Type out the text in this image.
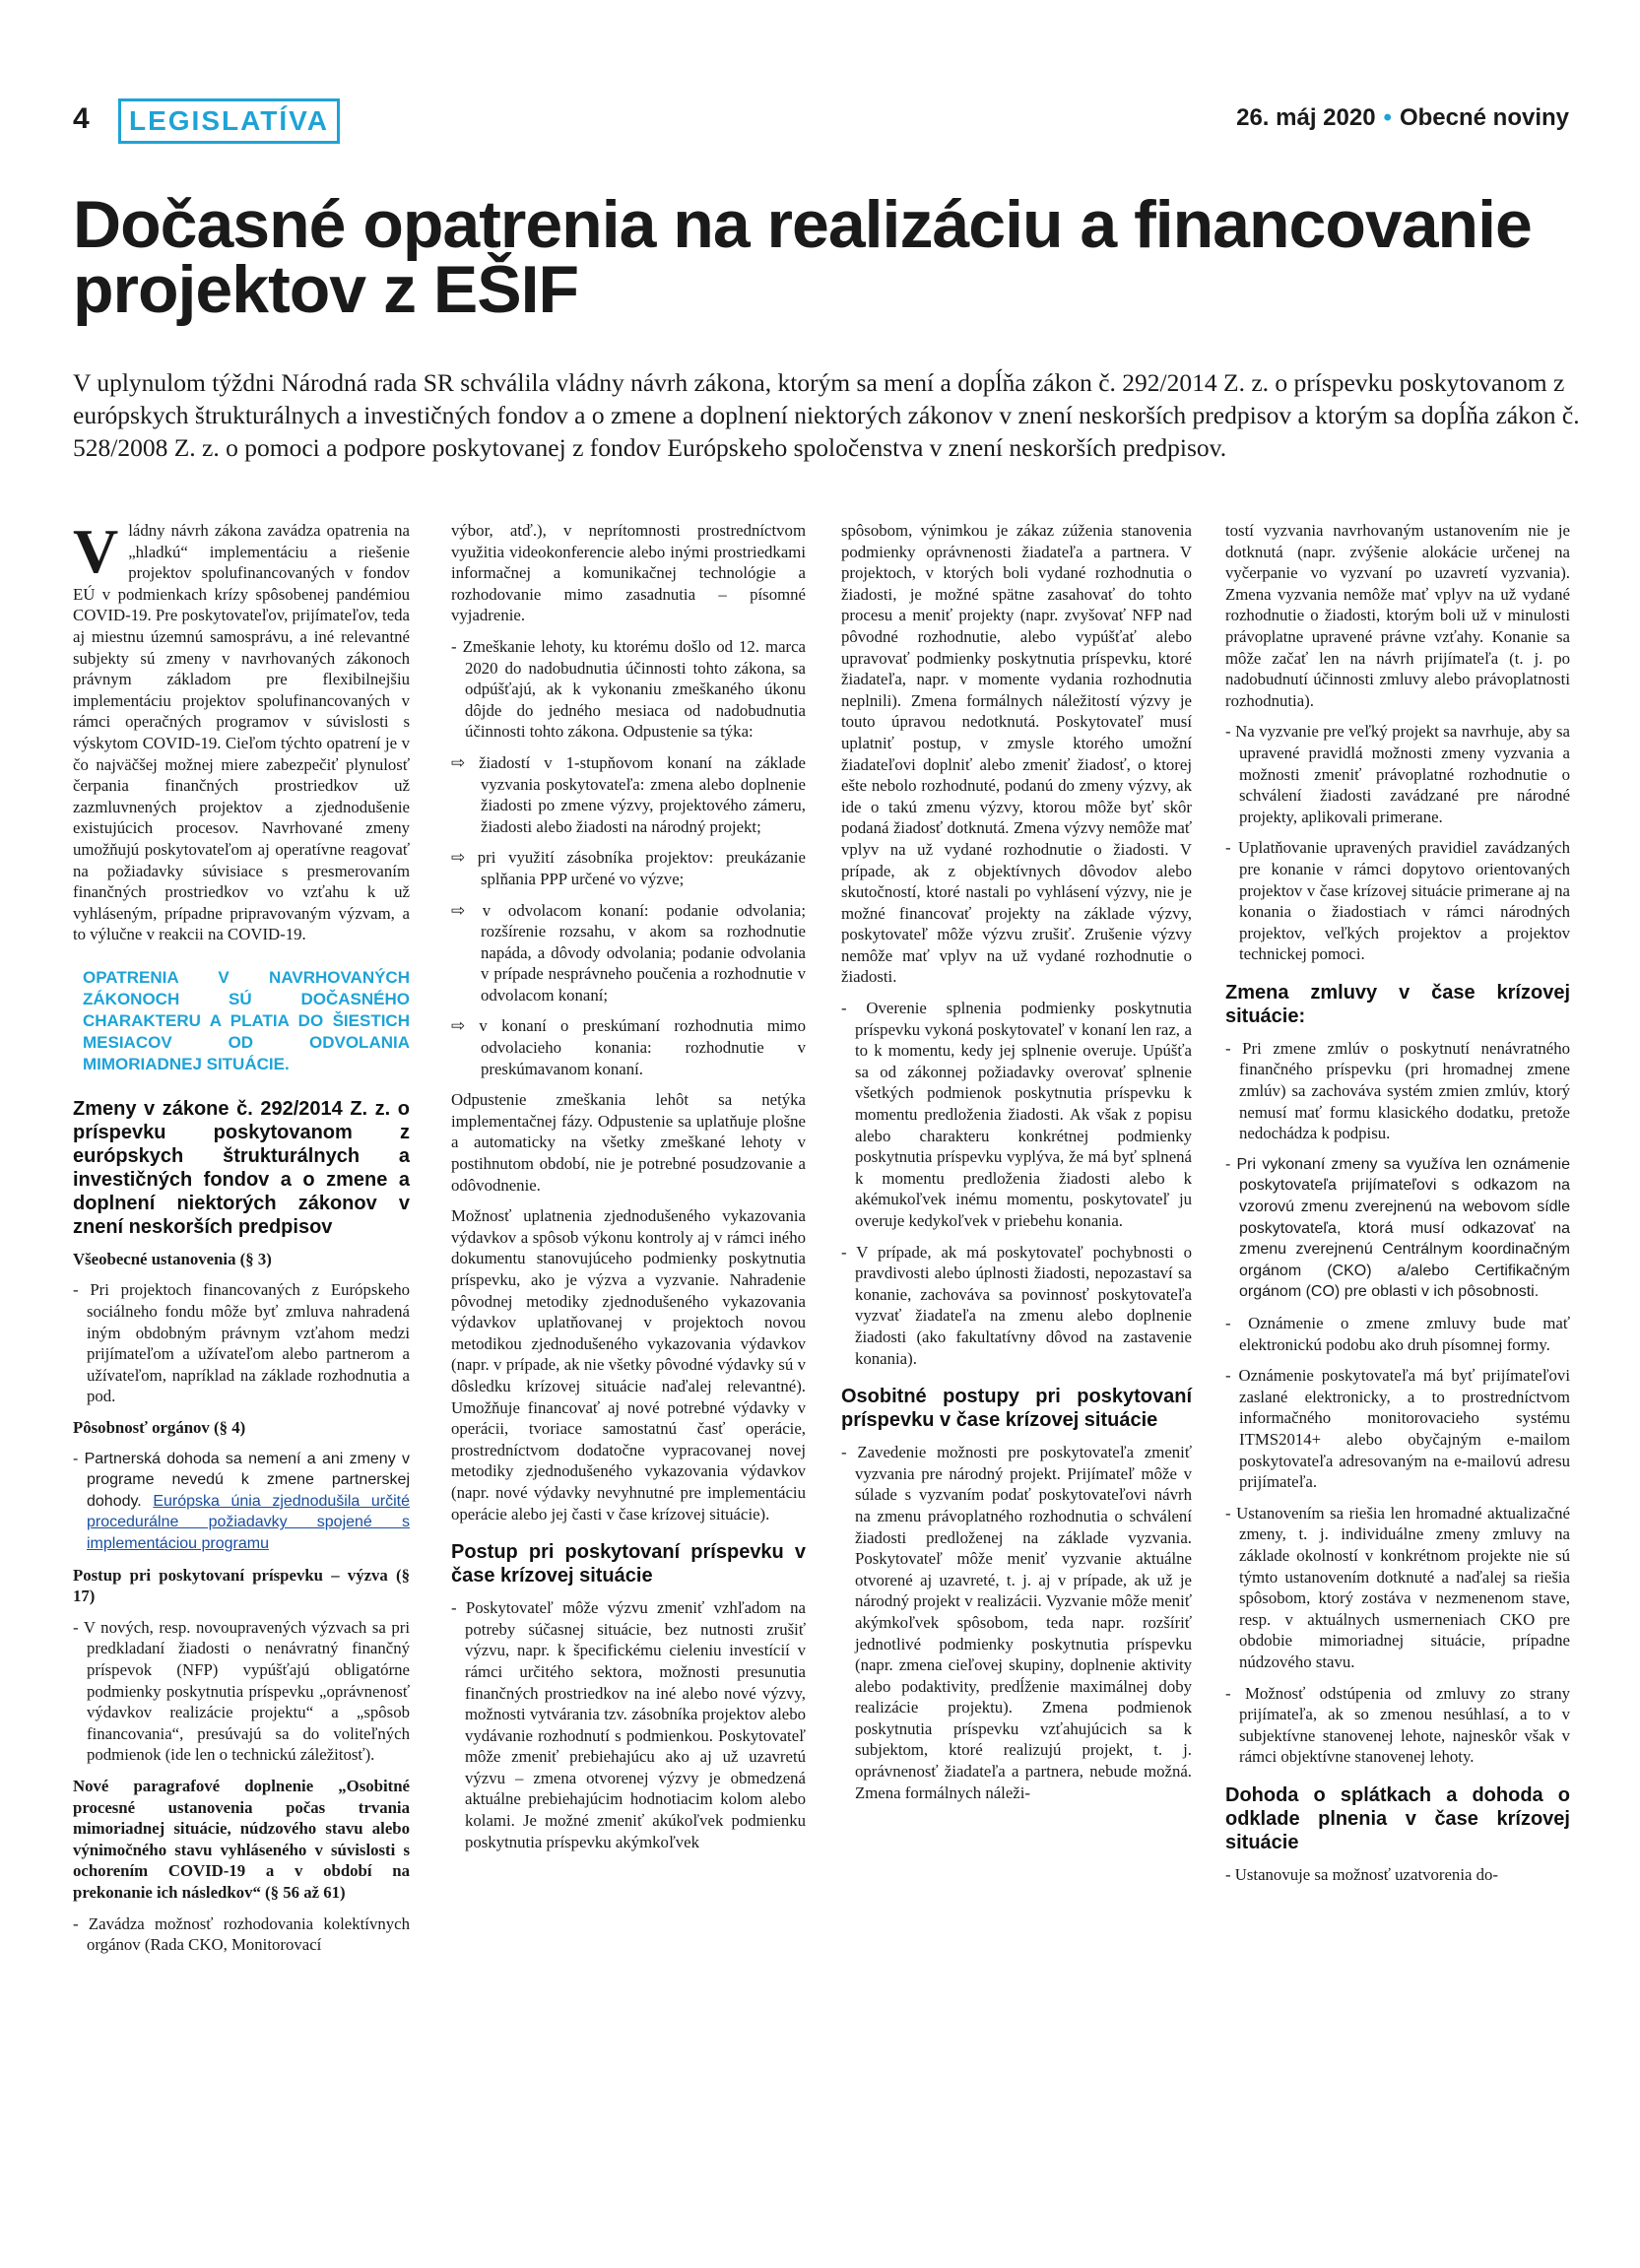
4	LEGISLATÍVA	26. máj 2020 • Obecné noviny
Dočasné opatrenia na realizáciu a financovanie projektov z EŠIF
V uplynulom týždni Národná rada SR schválila vládny návrh zákona, ktorým sa mení a dopĺňa zákon č. 292/2014 Z. z. o príspevku poskytovanom z európskych štrukturálnych a investičných fondov a o zmene a doplnení niektorých zákonov v znení neskorších predpisov a ktorým sa dopĺňa zákon č. 528/2008 Z. z. o pomoci a podpore poskytovanej z fondov Európskeho spoločenstva v znení neskorších predpisov.

Vládny návrh zákona zavádza opatrenia na „hladkú“ implementáciu a riešenie projektov spolufinancovaných v fondov EÚ v podmienkach krízy spôsobenej pandémiou COVID-19. Pre poskytovateľov, prijímateľov, teda aj miestnu územnú samosprávu, a iné relevantné subjekty sú zmeny v navrhovaných zákonoch právnym základom pre flexibilnejšiu implementáciu projektov spolufinancovaných v rámci operačných programov v súvislosti s výskytom COVID-19. Cieľom týchto opatrení je v čo najväčšej možnej miere zabezpečiť plynulosť čerpania finančných prostriedkov už zazmluvnených projektov a zjednodušenie existujúcich procesov. Navrhované zmeny umožňujú poskytovateľom aj operatívne reagovať na požiadavky súvisiace s presmerovaním finančných prostriedkov vo vzťahu k už vyhláseným, prípadne pripravovaným výzvam, a to výlučne v reakcii na COVID-19.

OPATRENIA V NAVRHOVANÝCH ZÁKONOCH SÚ DOČASNÉHO CHARAKTERU A PLATIA DO ŠIESTICH MESIACOV OD ODVOLANIA MIMORIADNEJ SITUÁCIE.
Zmeny v zákone č. 292/2014 Z. z. o príspevku poskytovanom z európskych štrukturálnych a investičných fondov a o zmene a doplnení niektorých zákonov v znení neskorších predpisov

Všeobecné ustanovenia (§ 3)

- Pri projektoch financovaných z Európskeho sociálneho fondu môže byť zmluva nahradená iným obdobným právnym vzťahom medzi prijímateľom a užívateľom alebo partnerom a užívateľom, napríklad na základe rozhodnutia a pod.

Pôsobnosť orgánov (§ 4)

- Partnerská dohoda sa nemení a ani zmeny v programe nevedú k zmene partnerskej dohody. Európska únia zjednodušila určité procedurálne požiadavky spojené s implementáciou programu

Postup pri poskytovaní príspevku – výzva (§ 17)

- V nových, resp. novoupravených výzvach sa pri predkladaní žiadosti o nenávratný finančný príspevok (NFP) vypúšťajú obligatórne podmienky poskytnutia príspevku „oprávnenosť výdavkov realizácie projektu“ a „spôsob financovania“, presúvajú sa do voliteľných podmienok (ide len o technickú záležitosť).

Nové paragrafové doplnenie „Osobitné procesné ustanovenia počas trvania mimoriadnej situácie, núdzového stavu alebo výnimočného stavu vyhláseného v súvislosti s ochorením COVID-19 a v období na prekonanie ich následkov“ (§ 56 až 61)

- Zavádza možnosť rozhodovania kolektívnych orgánov (Rada CKO, Monitorovací

výbor, atď.), v neprítomnosti prostredníctvom využitia videokonferencie alebo inými prostriedkami informačnej a komunikačnej technológie a rozhodovanie mimo zasadnutia – písomné vyjadrenie.

- Zmeškanie lehoty, ku ktorému došlo od 12. marca 2020 do nadobudnutia účinnosti tohto zákona, sa odpúšťajú, ak k vykonaniu zmeškaného úkonu dôjde do jedného mesiaca od nadobudnutia účinnosti tohto zákona. Odpustenie sa týka:

⇨ žiadostí v 1-stupňovom konaní na základe vyzvania poskytovateľa: zmena alebo doplnenie žiadosti po zmene výzvy, projektového zámeru, žiadosti alebo žiadosti na národný projekt;

⇨ pri využití zásobníka projektov: preukázanie splňania PPP určené vo výzve;

⇨ v odvolacom konaní: podanie odvolania; rozšírenie rozsahu, v akom sa rozhodnutie napáda, a dôvody odvolania; podanie odvolania v prípade nesprávneho poučenia a rozhodnutie v odvolacom konaní;

⇨ v konaní o preskúmaní rozhodnutia mimo odvolacieho konania: rozhodnutie v preskúmavanom konaní.

Odpustenie zmeškania lehôt sa netýka implementačnej fázy. Odpustenie sa uplatňuje plošne a automaticky na všetky zmeškané lehoty v postihnutom období, nie je potrebné posudzovanie a odôvodnenie.

Možnosť uplatnenia zjednodušeného vykazovania výdavkov a spôsob výkonu kontroly aj v rámci iného dokumentu stanovujúceho podmienky poskytnutia príspevku, ako je výzva a vyzvanie. Nahradenie pôvodnej metodiky zjednodušeného vykazovania výdavkov uplatňovanej v projektoch novou metodikou zjednodušeného vykazovania výdavkov (napr. v prípade, ak nie všetky pôvodné výdavky sú v dôsledku krízovej situácie naďalej relevantné). Umožňuje financovať aj nové potrebné výdavky v operácii, tvoriace samostatnú časť operácie, prostredníctvom dodatočne vypracovanej novej metodiky zjednodušeného vykazovania výdavkov (napr. nové výdavky nevyhnutné pre implementáciu operácie alebo jej časti v čase krízovej situácie).

Postup pri poskytovaní príspevku v čase krízovej situácie

- Poskytovateľ môže výzvu zmeniť vzhľadom na potreby súčasnej situácie, bez nutnosti zrušiť výzvu, napr. k špecifickému cieleniu investícií v rámci určitého sektora, možnosti presunutia finančných prostriedkov na iné alebo nové výzvy, možnosti vytvárania tzv. zásobníka projektov alebo vydávanie rozhodnutí s podmienkou. Poskytovateľ môže zmeniť prebiehajúcu ako aj už uzavretú výzvu – zmena otvorenej výzvy je obmedzená aktuálne prebiehajúcim hodnotiacim kolom alebo kolami. Je možné zmeniť akúkoľvek podmienku poskytnutia príspevku akýmkoľvek

spôsobom, výnimkou je zákaz zúženia stanovenia podmienky oprávnenosti žiadateľa a partnera. V projektoch, v ktorých boli vydané rozhodnutia o žiadosti, je možné spätne zasahovať do tohto procesu a meniť projekty (napr. zvyšovať NFP nad pôvodné rozhodnutie, alebo vypúšťať alebo upravovať podmienky poskytnutia príspevku, ktoré žiadateľa, napr. v momente vydania rozhodnutia neplnili). Zmena formálnych náležitostí výzvy je touto úpravou nedotknutá. Poskytovateľ musí uplatniť postup, v zmysle ktorého umožní žiadateľovi doplniť alebo zmeniť žiadosť, o ktorej ešte nebolo rozhodnuté, podanú do zmeny výzvy, ak ide o takú zmenu výzvy, ktorou môže byť skôr podaná žiadosť dotknutá. Zmena výzvy nemôže mať vplyv na už vydané rozhodnutie o žiadosti. V prípade, ak z objektívnych dôvodov alebo skutočností, ktoré nastali po vyhlásení výzvy, nie je možné financovať projekty na základe výzvy, poskytovateľ môže výzvu zrušiť. Zrušenie výzvy nemôže mať vplyv na už vydané rozhodnutie o žiadosti.

- Overenie splnenia podmienky poskytnutia príspevku vykoná poskytovateľ v konaní len raz, a to k momentu, kedy jej splnenie overuje. Upúšťa sa od zákonnej požiadavky overovať splnenie všetkých podmienok poskytnutia príspevku k momentu predloženia žiadosti. Ak však z popisu alebo charakteru konkrétnej podmienky poskytnutia príspevku vyplýva, že má byť splnená k momentu predloženia žiadosti alebo k akémukoľvek inému momentu, poskytovateľ ju overuje kedykoľvek v priebehu konania.

- V prípade, ak má poskytovateľ pochybnosti o pravdivosti alebo úplnosti žiadosti, nepozastaví sa konanie, zachováva sa povinnosť poskytovateľa vyzvať žiadateľa na zmenu alebo doplnenie žiadosti (ako fakultatívny dôvod na zastavenie konania).

Osobitné postupy pri poskytovaní príspevku v čase krízovej situácie

- Zavedenie možnosti pre poskytovateľa zmeniť vyzvania pre národný projekt. Prijímateľ môže v súlade s vyzvaním podať poskytovateľovi návrh na zmenu právoplatného rozhodnutia o schválení žiadosti predloženej na základe vyzvania. Poskytovateľ môže meniť vyzvanie aktuálne otvorené aj uzavreté, t. j. aj v prípade, ak už je národný projekt v realizácii. Vyzvanie môže meniť akýmkoľvek spôsobom, teda napr. rozšíriť jednotlivé podmienky poskytnutia príspevku (napr. zmena cieľovej skupiny, doplnenie aktivity alebo podaktivity, predĺženie maximálnej doby realizácie projektu). Zmena podmienok poskytnutia príspevku vzťahujúcich sa k subjektom, ktoré realizujú projekt, t. j. oprávnenosť žiadateľa a partnera, nebude možná. Zmena formálnych náleži-

tostí vyzvania navrhovaným ustanovením nie je dotknutá (napr. zvýšenie alokácie určenej na vyčerpanie vo vyzvaní po uzavretí vyzvania). Zmena vyzvania nemôže mať vplyv na už vydané rozhodnutie o žiadosti, ktorým boli už v minulosti právoplatne upravené právne vzťahy. Konanie sa môže začať len na návrh prijímateľa (t. j. po nadobudnutí účinnosti zmluvy alebo právoplatnosti rozhodnutia).

- Na vyzvanie pre veľký projekt sa navrhuje, aby sa upravené pravidlá možnosti zmeny vyzvania a možnosti zmeniť právoplatné rozhodnutie o schválení žiadosti zavádzané pre národné projekty, aplikovali primerane.

- Uplatňovanie upravených pravidiel zavádzaných pre konanie v rámci dopytovo orientovaných projektov v čase krízovej situácie primerane aj na konania o žiadostiach v rámci národných projektov, veľkých projektov a projektov technickej pomoci.

Zmena zmluvy v čase krízovej situácie:

- Pri zmene zmlúv o poskytnutí nenávratného finančného príspevku (pri hromadnej zmene zmlúv) sa zachováva systém zmien zmlúv, ktorý nemusí mať formu klasického dodatku, pretože nedochádza k podpisu.

- Pri vykonaní zmeny sa využíva len oznámenie poskytovateľa prijímateľovi s odkazom na vzorovú zmenu zverejnenú na webovom sídle poskytovateľa, ktorá musí odkazovať na zmenu zverejnenú Centrálnym koordinačným orgánom (CKO) a/alebo Certifikačným orgánom (CO) pre oblasti v ich pôsobnosti.

- Oznámenie o zmene zmluvy bude mať elektronickú podobu ako druh písomnej formy.

- Oznámenie poskytovateľa má byť prijímateľovi zaslané elektronicky, a to prostredníctvom informačného monitorovacieho systému ITMS2014+ alebo obyčajným e-mailom poskytovateľa adresovaným na e-mailovú adresu prijímateľa.

- Ustanovením sa riešia len hromadné aktualizačné zmeny, t. j. individuálne zmeny zmluvy na základe okolností v konkrétnom projekte nie sú týmto ustanovením dotknuté a naďalej sa riešia spôsobom, ktorý zostáva v nezmenenom stave, resp. v aktuálnych usmerneniach CKO pre obdobie mimoriadnej situácie, prípadne núdzového stavu.

- Možnosť odstúpenia od zmluvy zo strany prijímateľa, ak so zmenou nesúhlasí, a to v subjektívne stanovenej lehote, najneskôr však v rámci objektívne stanovenej lehoty.

Dohoda o splátkach a dohoda o odklade plnenia v čase krízovej situácie

- Ustanovuje sa možnosť uzatvorenia do-
